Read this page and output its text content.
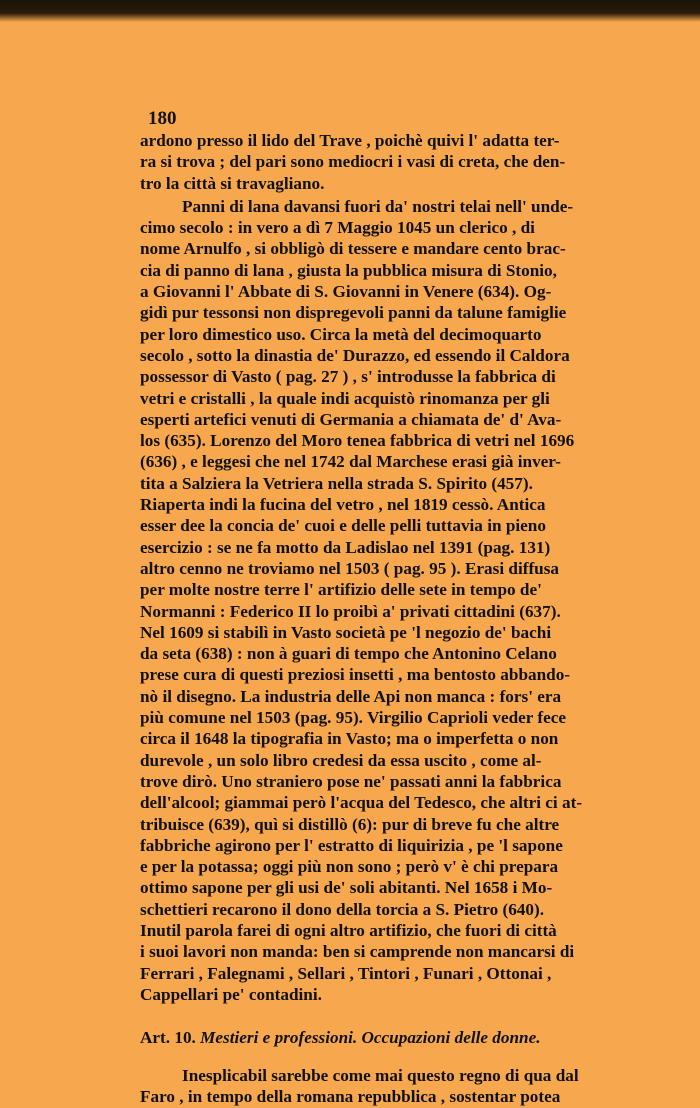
180
ardono presso il lido del Trave , poichè quivi l' adatta ter-
ra si trova ; del pari sono mediocri i vasi di creta, che den-
tro la città si travagliano.
Panni di lana davansi fuori da' nostri telai nell' unde-
cimo secolo : in vero a dì 7 Maggio 1045 un clerico , di
nome Arnulfo , si obbligò di tessere e mandare cento brac-
cia di panno di lana , giusta la pubblica misura di Stonio,
a Giovanni l' Abbate di S. Giovanni in Venere (634). Og-
gidì pur tessonsi non dispregevoli panni da talune famiglie
per loro dimestico uso. Circa la metà del decimoquarto
secolo , sotto la dinastia de' Durazzo, ed essendo il Caldora
possessor di Vasto ( pag. 27 ) , s' introdusse la fabbrica di
vetri e cristalli , la quale indi acquistò rinomanza per gli
esperti artefici venuti di Germania a chiamata de' d' Ava-
los (635). Lorenzo del Moro tenea fabbrica di vetri nel 1696
(636) , e leggesi che nel 1742 dal Marchese erasi già inver-
tita a Salziera la Vetriera nella strada S. Spirito (457).
Riaperta indi la fucina del vetro , nel 1819 cessò. Antica
esser dee la concia de' cuoi e delle pelli tuttavia in pieno
esercizio : se ne fa motto da Ladislao nel 1391 (pag. 131)
altro cenno ne troviamo nel 1503 ( pag. 95 ). Erasi diffusa
per molte nostre terre l' artifizio delle sete in tempo de'
Normanni : Federico II lo proibì a' privati cittadini (637).
Nel 1609 si stabilì in Vasto società pe 'l negozio de' bachi
da seta (638) : non à guari di tempo che Antonino Celano
prese cura di questi preziosi insetti , ma bentosto abbando-
nò il disegno. La industria delle Api non manca : fors' era
più comune nel 1503 (pag. 95). Virgilio Caprioli veder fece
circa il 1648 la tipografia in Vasto; ma o imperfetta o non
durevole , un solo libro credesi da essa uscito , come al-
trove dirò. Uno straniero pose ne' passati anni la fabbrica
dell'alcool; giammai però l'acqua del Tedesco, che altri ci at-
tribuisce (639), quì si distillò (6): pur di breve fu che altre
fabbriche agirono per l' estratto di liquirizia , pe 'l sapone
e per la potassa; oggi più non sono ; però v' è chi prepara
ottimo sapone per gli usi de' soli abitanti. Nel 1658 i Mo-
schettieri recarono il dono della torcia a S. Pietro (640).
Inutil parola farei di ogni altro artifizio, che fuori di città
i suoi lavori non manda: ben si camprende non mancarsi di
Ferrari , Falegnami , Sellari , Tintori , Funari , Ottonai ,
Cappellari pe' contadini.
Art. 10. Mestieri e professioni. Occupazioni delle donne.
Inesplicabil sarebbe come mai questo regno di qua dal
Faro , in tempo della romana repubblica , sostentar potea
